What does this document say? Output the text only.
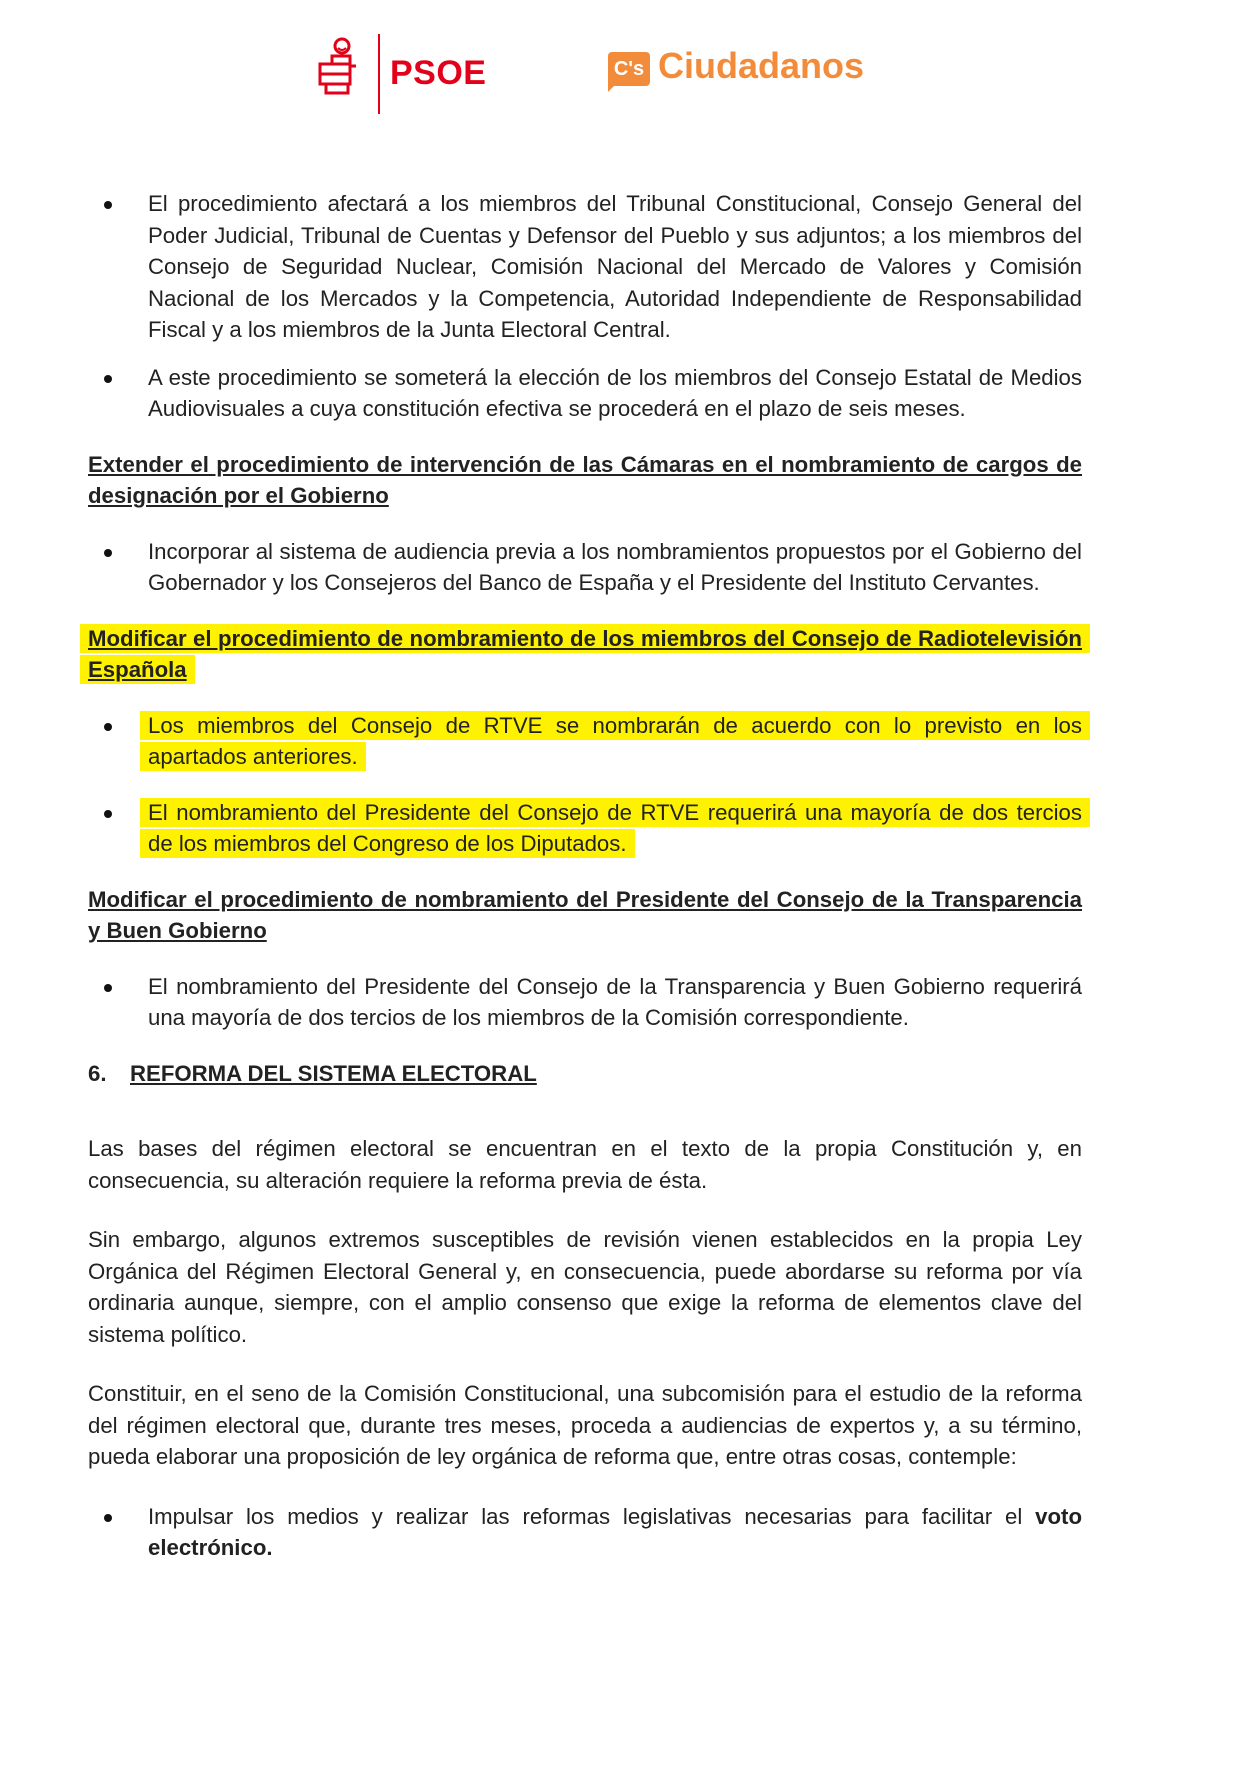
PSOE	C's Ciudadanos
El procedimiento afectará a los miembros del Tribunal Constitucional, Consejo General del Poder Judicial, Tribunal de Cuentas y Defensor del Pueblo y sus adjuntos; a los miembros del Consejo de Seguridad Nuclear, Comisión Nacional del Mercado de Valores y Comisión Nacional de los Mercados y la Competencia, Autoridad Independiente de Responsabilidad Fiscal y a los miembros de la Junta Electoral Central.
A este procedimiento se someterá la elección de los miembros del Consejo Estatal de Medios Audiovisuales a cuya constitución efectiva se procederá en el plazo de seis meses.

Extender el procedimiento de intervención de las Cámaras en el nombramiento de cargos de designación por el Gobierno

Incorporar al sistema de audiencia previa a los nombramientos propuestos por el Gobierno del Gobernador y los Consejeros del Banco de España y el Presidente del Instituto Cervantes.

Modificar el procedimiento de nombramiento de los miembros del Consejo de Radiotelevisión Española

Los miembros del Consejo de RTVE se nombrarán de acuerdo con lo previsto en los apartados anteriores.
El nombramiento del Presidente del Consejo de RTVE requerirá una mayoría de dos tercios de los miembros del Congreso de los Diputados.

Modificar el procedimiento de nombramiento del Presidente del Consejo de la Transparencia y Buen Gobierno

El nombramiento del Presidente del Consejo de la Transparencia y Buen Gobierno requerirá una mayoría de dos tercios de los miembros de la Comisión correspondiente.

6. REFORMA DEL SISTEMA ELECTORAL

Las bases del régimen electoral se encuentran en el texto de la propia Constitución y, en consecuencia, su alteración requiere la reforma previa de ésta.

Sin embargo, algunos extremos susceptibles de revisión vienen establecidos en la propia Ley Orgánica del Régimen Electoral General y, en consecuencia, puede abordarse su reforma por vía ordinaria aunque, siempre, con el amplio consenso que exige la reforma de elementos clave del sistema político.

Constituir, en el seno de la Comisión Constitucional, una subcomisión para el estudio de la reforma del régimen electoral que, durante tres meses, proceda a audiencias de expertos y, a su término, pueda elaborar una proposición de ley orgánica de reforma que, entre otras cosas, contemple:

Impulsar los medios y realizar las reformas legislativas necesarias para facilitar el voto electrónico.
